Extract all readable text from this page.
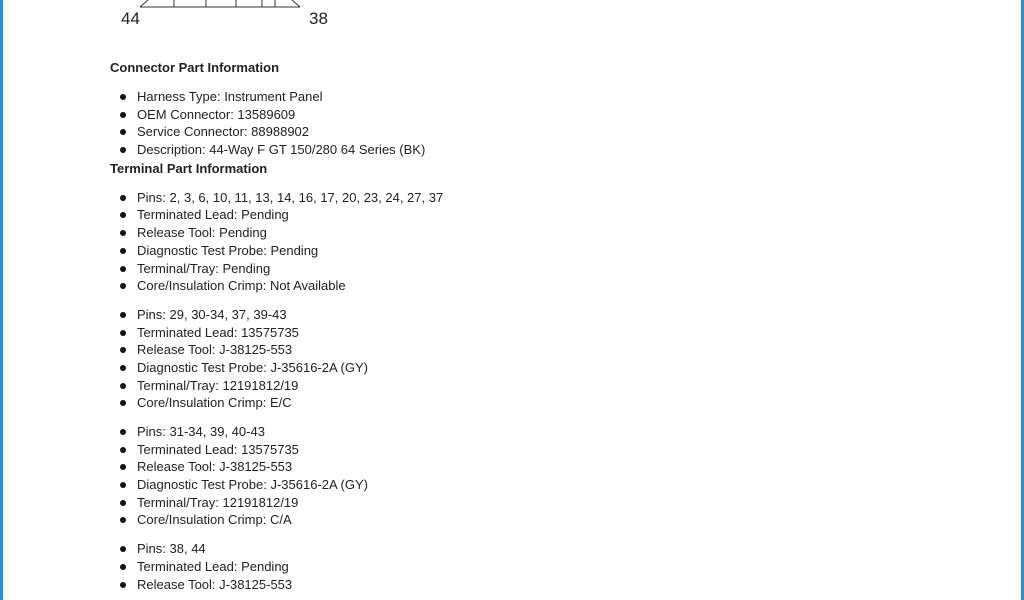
44	38
Connector Part Information
Harness Type: Instrument Panel
OEM Connector: 13589609
Service Connector: 88988902
Description: 44-Way F GT 150/280 64 Series (BK)
Terminal Part Information
Pins: 2, 3, 6, 10, 11, 13, 14, 16, 17, 20, 23, 24, 27, 37
Terminated Lead: Pending
Release Tool: Pending
Diagnostic Test Probe: Pending
Terminal/Tray: Pending
Core/Insulation Crimp: Not Available
Pins: 29, 30-34, 37, 39-43
Terminated Lead: 13575735
Release Tool: J-38125-553
Diagnostic Test Probe: J-35616-2A (GY)
Terminal/Tray: 12191812/19
Core/Insulation Crimp: E/C
Pins: 31-34, 39, 40-43
Terminated Lead: 13575735
Release Tool: J-38125-553
Diagnostic Test Probe: J-35616-2A (GY)
Terminal/Tray: 12191812/19
Core/Insulation Crimp: C/A
Pins: 38, 44
Terminated Lead: Pending
Release Tool: J-38125-553
